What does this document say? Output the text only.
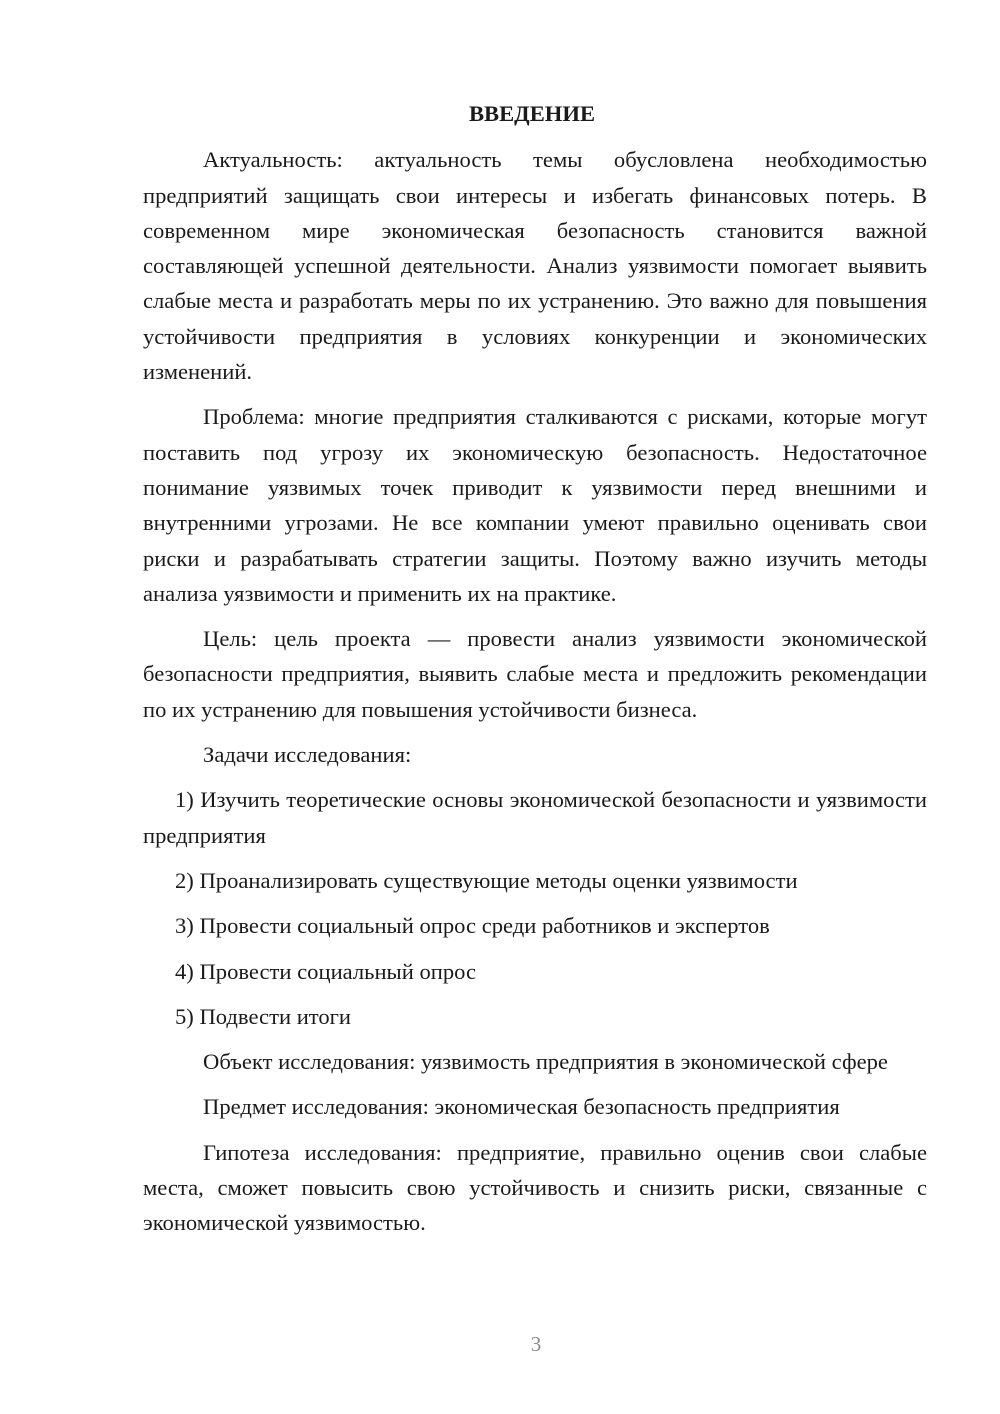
ВВЕДЕНИЕ

Актуальность: актуальность темы обусловлена необходимостью предприятий защищать свои интересы и избегать финансовых потерь. В современном мире экономическая безопасность становится важной составляющей успешной деятельности. Анализ уязвимости помогает выявить слабые места и разработать меры по их устранению. Это важно для повышения устойчивости предприятия в условиях конкуренции и экономических изменений.

Проблема: многие предприятия сталкиваются с рисками, которые могут поставить под угрозу их экономическую безопасность. Недостаточное понимание уязвимых точек приводит к уязвимости перед внешними и внутренними угрозами. Не все компании умеют правильно оценивать свои риски и разрабатывать стратегии защиты. Поэтому важно изучить методы анализа уязвимости и применить их на практике.

Цель: цель проекта — провести анализ уязвимости экономической безопасности предприятия, выявить слабые места и предложить рекомендации по их устранению для повышения устойчивости бизнеса.

Задачи исследования:

1) Изучить теоретические основы экономической безопасности и уязвимости предприятия

2) Проанализировать существующие методы оценки уязвимости

3) Провести социальный опрос среди работников и экспертов

4) Провести социальный опрос

5) Подвести итоги

Объект исследования: уязвимость предприятия в экономической сфере

Предмет исследования: экономическая безопасность предприятия

Гипотеза исследования: предприятие, правильно оценив свои слабые места, сможет повысить свою устойчивость и снизить риски, связанные с экономической уязвимостью.

3
